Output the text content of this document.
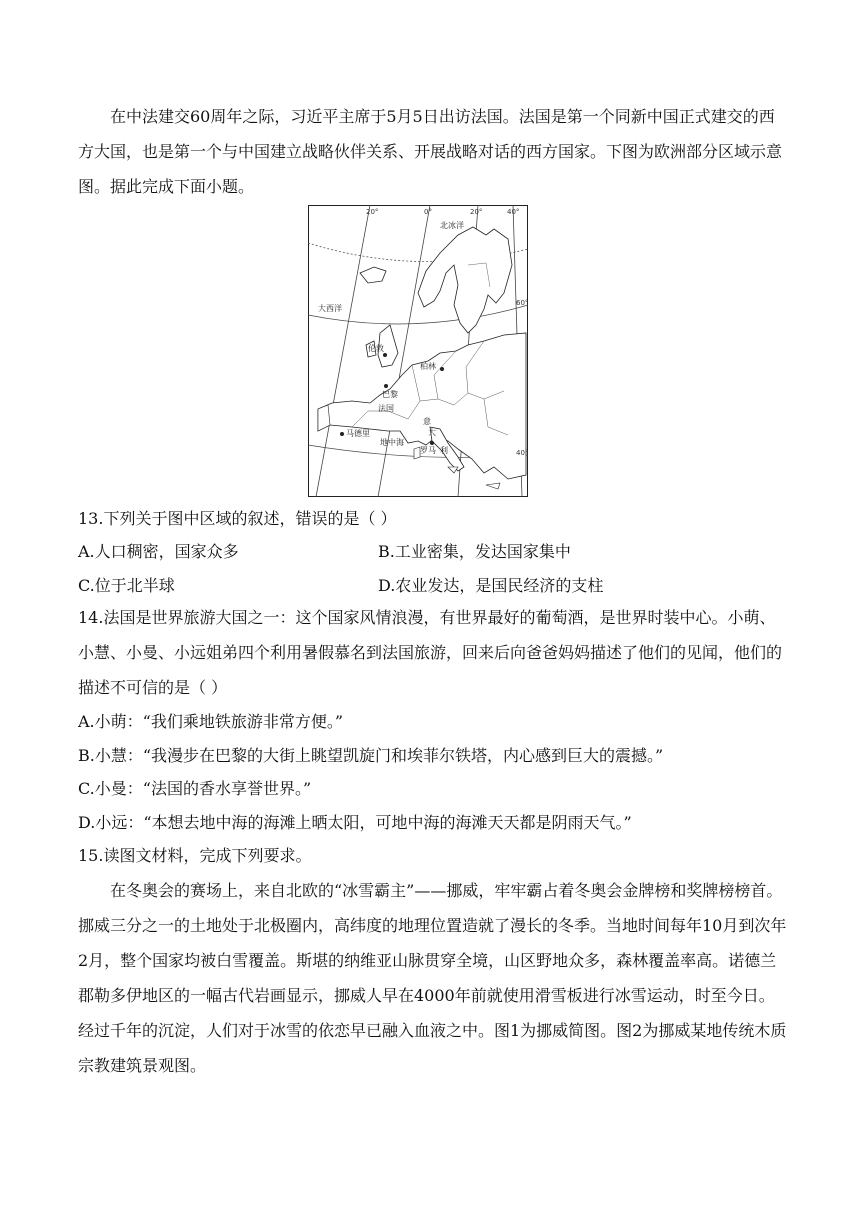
在中法建交60周年之际，习近平主席于5月5日出访法国。法国是第一个同新中国正式建交的西方大国，也是第一个与中国建立战略伙伴关系、开展战略对话的西方国家。下图为欧洲部分区域示意图。据此完成下面小题。

20°	0°	20°	40°
60°
40°
北冰洋
大西洋
伦敦
柏林
巴黎
法国
马德里
地中海
意
大
罗马 利

13.下列关于图中区域的叙述，错误的是（ ）

A.人口稠密，国家众多	B.工业密集，发达国家集中

C.位于北半球	D.农业发达，是国民经济的支柱

14.法国是世界旅游大国之一：这个国家风情浪漫，有世界最好的葡萄酒，是世界时装中心。小萌、小慧、小曼、小远姐弟四个利用暑假慕名到法国旅游，回来后向爸爸妈妈描述了他们的见闻，他们的描述不可信的是（ ）

A.小萌：“我们乘地铁旅游非常方便。”

B.小慧：“我漫步在巴黎的大街上眺望凯旋门和埃菲尔铁塔，内心感到巨大的震撼。”

C.小曼：“法国的香水享誉世界。”

D.小远：“本想去地中海的海滩上晒太阳，可地中海的海滩天天都是阴雨天气。”

15.读图文材料，完成下列要求。

在冬奥会的赛场上，来自北欧的“冰雪霸主”——挪威，牢牢霸占着冬奥会金牌榜和奖牌榜榜首。挪威三分之一的土地处于北极圈内，高纬度的地理位置造就了漫长的冬季。当地时间每年10月到次年2月，整个国家均被白雪覆盖。斯堪的纳维亚山脉贯穿全境，山区野地众多，森林覆盖率高。诺德兰郡勒多伊地区的一幅古代岩画显示，挪威人早在4000年前就使用滑雪板进行冰雪运动，时至今日。经过千年的沉淀，人们对于冰雪的依恋早已融入血液之中。图1为挪威简图。图2为挪威某地传统木质宗教建筑景观图。
